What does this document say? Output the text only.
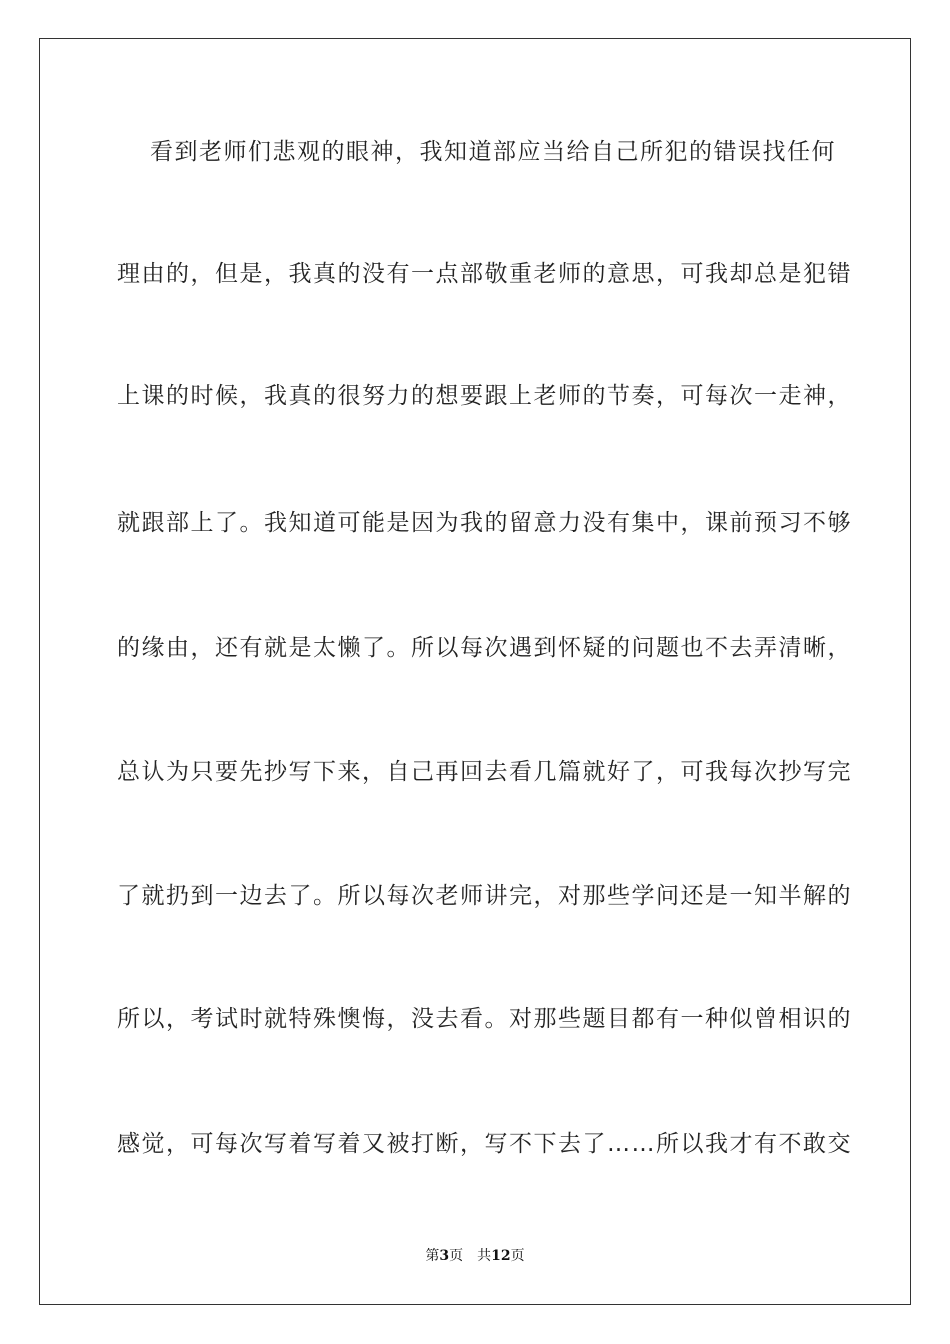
看到老师们悲观的眼神，我知道部应当给自己所犯的错误找任何
理由的，但是，我真的没有一点部敬重老师的意思，可我却总是犯错
上课的时候，我真的很努力的想要跟上老师的节奏，可每次一走神，
就跟部上了。我知道可能是因为我的留意力没有集中，课前预习不够
的缘由，还有就是太懒了。所以每次遇到怀疑的问题也不去弄清晰，
总认为只要先抄写下来，自己再回去看几篇就好了，可我每次抄写完
了就扔到一边去了。所以每次老师讲完，对那些学问还是一知半解的
所以，考试时就特殊懊悔，没去看。对那些题目都有一种似曾相识的
感觉，可每次写着写着又被打断，写不下去了……所以我才有不敢交
第3页 共12页
